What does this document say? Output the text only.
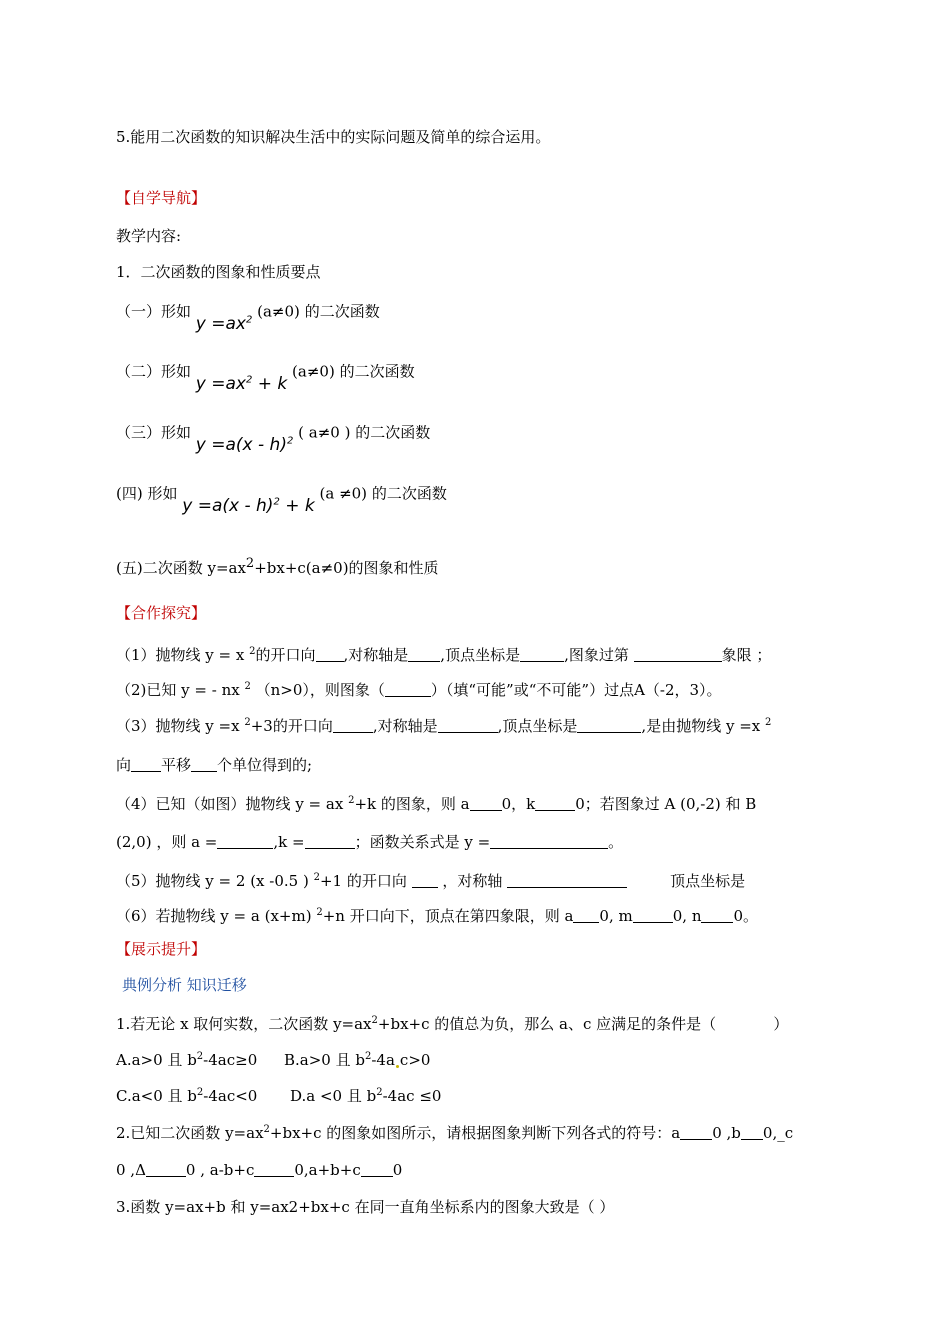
5.能用二次函数的知识解决生活中的实际问题及简单的综合运用。
【自学导航】
教学内容:
1．二次函数的图象和性质要点
（一）形如 $y =ax^2$ (a≠0) 的二次函数
（二）形如 $y =ax^2 + k$ (a≠0) 的二次函数
（三）形如 y =a(x - h)$^2$ ( a≠0 ) 的二次函数
(四) 形如 y =a(x - h)$^2$ + k (a ≠0) 的二次函数
(五)二次函数 $y=ax^2+bx+c(a\ne 0)$的图象和性质
【合作探究】
（1）抛物线 y = x $^2$的开口向 ,对称轴是 ,顶点坐标是	,图象过第	象限 ；
（2)已知 y = - nx $^2$ （n>0），则图象（	）（填“可能”或“不可能”）过点A（-2，3）。
（3）抛物线 y =x $^2$+3的开口向	,对称轴是	,顶点坐标是	,是由抛物线 y =x $^2$
向 平移 个单位得到的;
（4）已知（如图）抛物线 y = ax $^2$+k 的图象，则 a 0，k	0；若图象过 A (0,-2) 和 B
(2,0) ，则 a =	,k =	；函数关系式是 y =	。
（5）抛物线 y = 2 (x -0.5 ) $^2$+1 的开口向 ，对称轴	顶点坐标是
（6）若抛物线 y = a (x+m) $^2$+n 开口向下，顶点在第四象限，则 a 0, m	0, n 0。
【展示提升】
典例分析 知识迁移
1.若无论 x 取何实数，二次函数 $y=ax^2+bx+c$ 的值总为负，那么 a、c 应满足的条件是（	）
A.a>0 且 $b^2-4ac\ge 0$ B.a>0 且 $b^2-4a$ c>0
C.a<0 且 $b^2-4ac<0$ D.a <0 且 $b^2-4ac \le 0$
2.已知二次函数 $y=ax^2+bx+c$ 的图象如图所示，请根据图象判断下列各式的符号：a 0 ,b 0,_c
0 ,Δ	0 , a-b+c	0,a+b+c 0
3.函数 y=ax+b 和 y=ax2+bx+c 在同一直角坐标系内的图象大致是（ ）
